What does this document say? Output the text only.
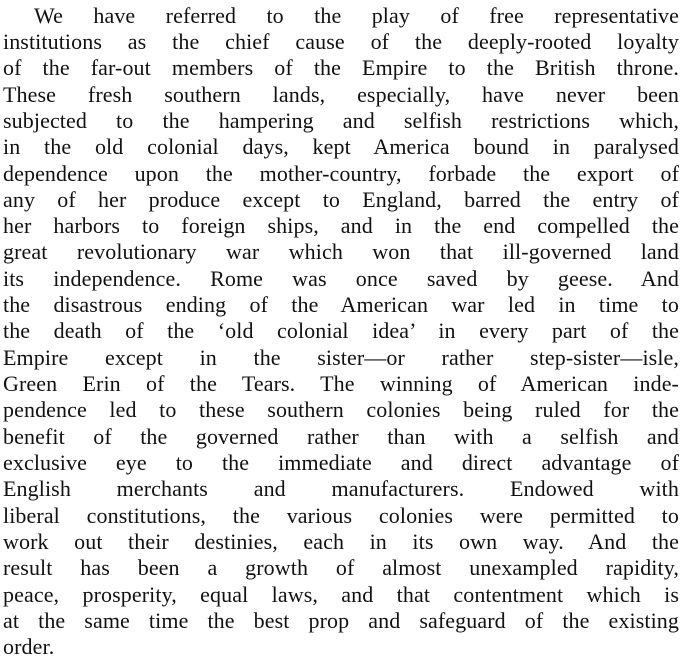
We have referred to the play of free representative
institutions as the chief cause of the deeply-rooted loyalty
of the far-out members of the Empire to the British throne.
These fresh southern lands, especially, have never been
subjected to the hampering and selfish restrictions which,
in the old colonial days, kept America bound in paralysed
dependence upon the mother-country, forbade the export of
any of her produce except to England, barred the entry of
her harbors to foreign ships, and in the end compelled the
great revolutionary war which won that ill-governed land
its independence. Rome was once saved by geese. And
the disastrous ending of the American war led in time to
the death of the ‘old colonial idea’ in every part of the
Empire except in the sister—or rather step-sister—isle,
Green Erin of the Tears. The winning of American inde-
pendence led to these southern colonies being ruled for the
benefit of the governed rather than with a selfish and
exclusive eye to the immediate and direct advantage of
English merchants and manufacturers. Endowed with
liberal constitutions, the various colonies were permitted to
work out their destinies, each in its own way. And the
result has been a growth of almost unexampled rapidity,
peace, prosperity, equal laws, and that contentment which is
at the same time the best prop and safeguard of the existing
order.
